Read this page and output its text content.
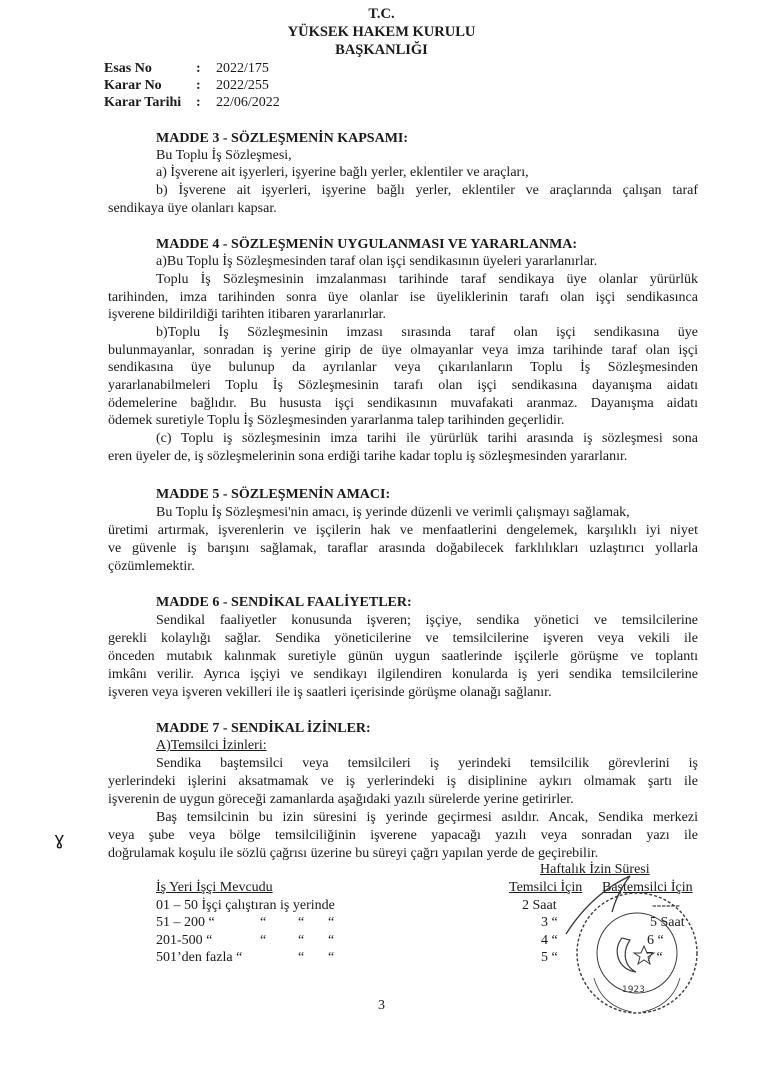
T.C.
YÜKSEK HAKEM KURULU
BAŞKANLIĞI
Esas No	: 2022/175
Karar No : 2022/255
Karar Tarihi : 22/06/2022
MADDE 3 - SÖZLEŞMENİN KAPSAMI:
Bu Toplu İş Sözleşmesi,
a) İşverene ait işyerleri, işyerine bağlı yerler, eklentiler ve araçları,
b) İşverene ait işyerleri, işyerine bağlı yerler, eklentiler ve araçlarında çalışan taraf
sendikaya üye olanları kapsar.
MADDE 4 - SÖZLEŞMENİN UYGULANMASI VE YARARLANMA:
a)Bu Toplu İş Sözleşmesinden taraf olan işçi sendikasının üyeleri yararlanırlar.
Toplu İş Sözleşmesinin imzalanması tarihinde taraf sendikaya üye olanlar yürürlük
tarihinden, imza tarihinden sonra üye olanlar ise üyeliklerinin tarafı olan işçi sendikasınca
işverene bildirildiği tarihten itibaren yararlanırlar.
b)Toplu İş Sözleşmesinin imzası sırasında taraf olan işçi sendikasına üye
bulunmayanlar, sonradan iş yerine girip de üye olmayanlar veya imza tarihinde taraf olan işçi
sendikasına üye bulunup da ayrılanlar veya çıkarılanların Toplu İş Sözleşmesinden
yararlanabilmeleri Toplu İş Sözleşmesinin tarafı olan işçi sendikasına dayanışma aidatı
ödemelerine bağlıdır. Bu hususta işçi sendikasının muvafakati aranmaz. Dayanışma aidatı
ödemek suretiyle Toplu İş Sözleşmesinden yararlanma talep tarihinden geçerlidir.
(c) Toplu iş sözleşmesinin imza tarihi ile yürürlük tarihi arasında iş sözleşmesi sona
eren üyeler de, iş sözleşmelerinin sona erdiği tarihe kadar toplu iş sözleşmesinden yararlanır.
MADDE 5 - SÖZLEŞMENİN AMACI:
Bu Toplu İş Sözleşmesi'nin amacı, iş yerinde düzenli ve verimli çalışmayı sağlamak,
üretimi artırmak, işverenlerin ve işçilerin hak ve menfaatlerini dengelemek, karşılıklı iyi niyet
ve güvenle iş barışını sağlamak, taraflar arasında doğabilecek farklılıkları uzlaştırıcı yollarla
çözümlemektir.
MADDE 6 - SENDİKAL FAALİYETLER:
Sendikal faaliyetler konusunda işveren; işçiye, sendika yönetici ve temsilcilerine
gerekli kolaylığı sağlar. Sendika yöneticilerine ve temsilcilerine işveren veya vekili ile
önceden mutabık kalınmak suretiyle günün uygun saatlerinde işçilerle görüşme ve toplantı
imkânı verilir. Ayrıca işçiyi ve sendikayı ilgilendiren konularda iş yeri sendika temsilcilerine
işveren veya işveren vekilleri ile iş saatleri içerisinde görüşme olanağı sağlanır.
MADDE 7 - SENDİKAL İZİNLER:
A)Temsilci İzinleri:
Sendika baştemsilci veya temsilcileri iş yerindeki temsilcilik görevlerini iş
yerlerindeki işlerini aksatmamak ve iş yerlerindeki iş disiplinine aykırı olmamak şartı ile
işverenin de uygun göreceği zamanlarda aşağıdaki yazılı sürelerde yerine getirirler.
Baş temsilcinin bu izin süresini iş yerinde geçirmesi asıldır. Ancak, Sendika merkezi
veya şube veya bölge temsilciliğinin işverene yapacağı yazılı veya sonradan yazı ile
doğrulamak koşulu ile sözlü çağrısı üzerine bu süreyi çağrı yapılan yerde de geçirebilir.
Haftalık İzin Süresi
İş Yeri İşçi Mevcudu	Temsilci İçin Baştemsilci İçin
01 – 50 İşçi çalıştıran iş yerinde	2 Saat	------
51 – 200 “	“ “ “	3 “	5 Saat
201-500 “	“ “ “	4 “	6 “
501’den fazla “	“ “	5 “	7 “
ɣ
1923
3
